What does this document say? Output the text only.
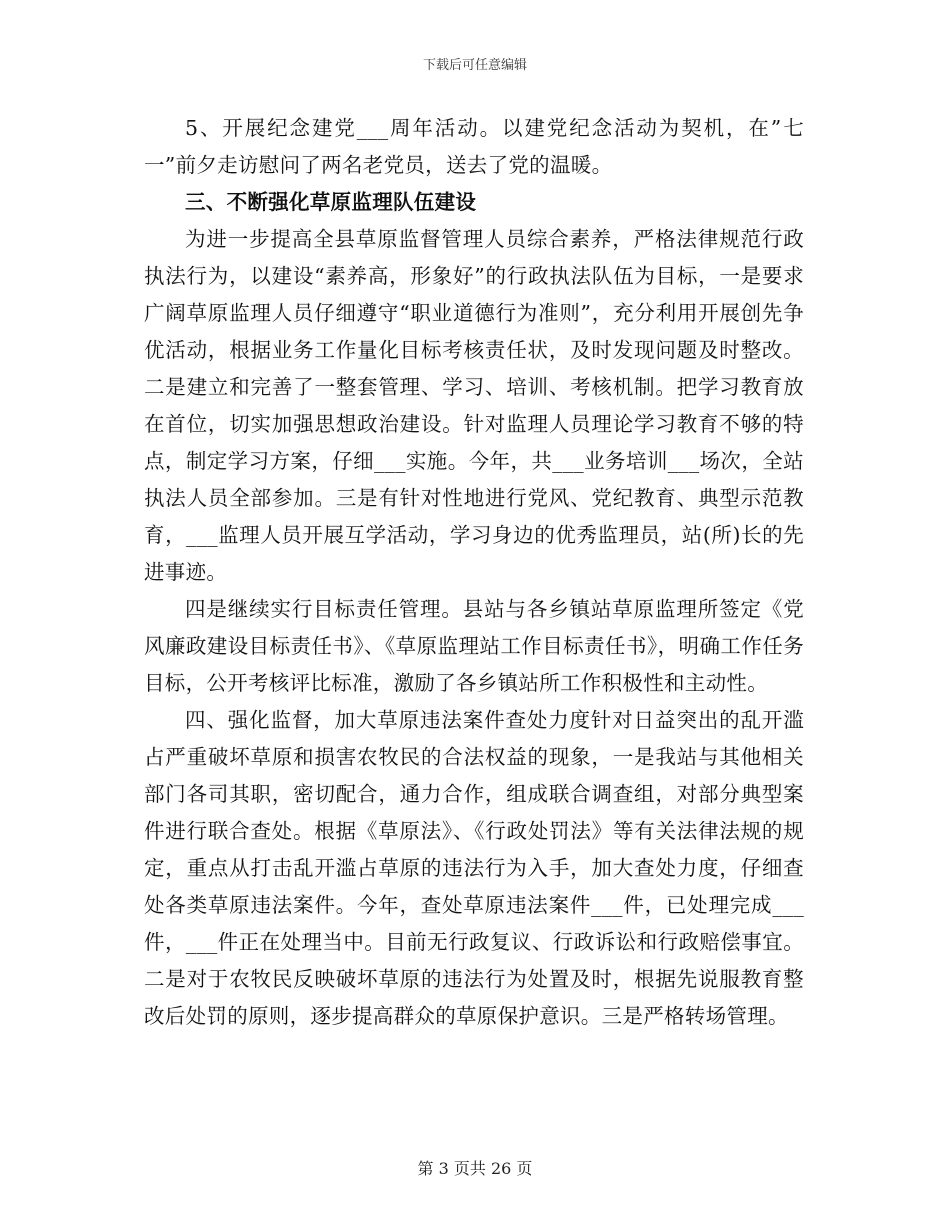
下载后可任意编辑

5、开展纪念建党___周年活动。以建党纪念活动为契机，在”七一”前夕走访慰问了两名老党员，送去了党的温暖。

三、不断强化草原监理队伍建设

为进一步提高全县草原监督管理人员综合素养，严格法律规范行政执法行为，以建设“素养高，形象好”的行政执法队伍为目标，一是要求广阔草原监理人员仔细遵守“职业道德行为准则”，充分利用开展创先争优活动，根据业务工作量化目标考核责任状，及时发现问题及时整改。二是建立和完善了一整套管理、学习、培训、考核机制。把学习教育放在首位，切实加强思想政治建设。针对监理人员理论学习教育不够的特点，制定学习方案，仔细___实施。今年，共___业务培训___场次，全站执法人员全部参加。三是有针对性地进行党风、党纪教育、典型示范教育，___监理人员开展互学活动，学习身边的优秀监理员，站(所)长的先进事迹。

四是继续实行目标责任管理。县站与各乡镇站草原监理所签定《党风廉政建设目标责任书》、《草原监理站工作目标责任书》，明确工作任务目标，公开考核评比标准，激励了各乡镇站所工作积极性和主动性。

四、强化监督，加大草原违法案件查处力度针对日益突出的乱开滥占严重破坏草原和损害农牧民的合法权益的现象，一是我站与其他相关部门各司其职，密切配合，通力合作，组成联合调查组，对部分典型案件进行联合查处。根据《草原法》、《行政处罚法》等有关法律法规的规定，重点从打击乱开滥占草原的违法行为入手，加大查处力度，仔细查处各类草原违法案件。今年，查处草原违法案件___件，已处理完成___件，___件正在处理当中。目前无行政复议、行政诉讼和行政赔偿事宜。二是对于农牧民反映破坏草原的违法行为处置及时，根据先说服教育整改后处罚的原则，逐步提高群众的草原保护意识。三是严格转场管理。

第 3 页共 26 页
